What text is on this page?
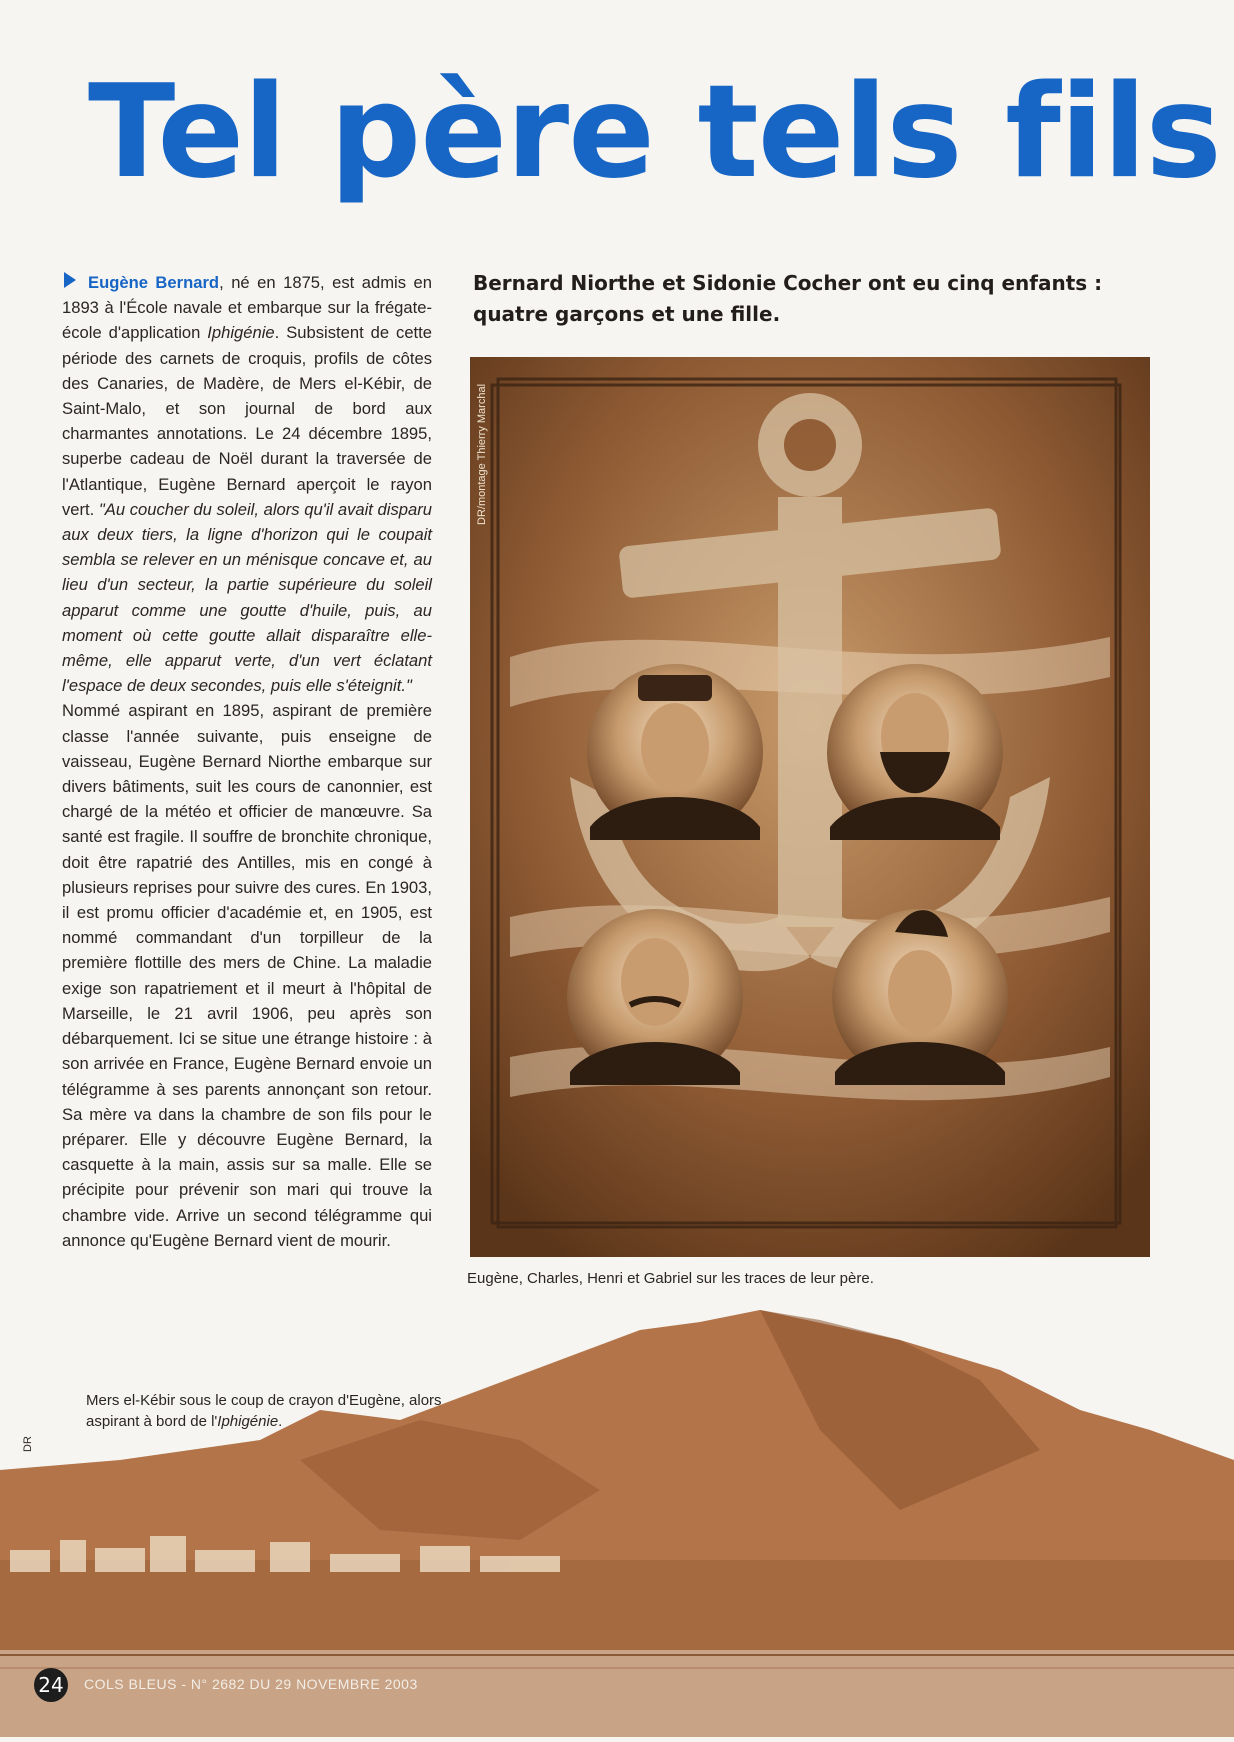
Tel père tels fils

Eugène Bernard, né en 1875, est admis en 1893 à l'École navale et embarque sur la frégate-école d'application Iphigénie. Subsistent de cette période des carnets de croquis, profils de côtes des Canaries, de Madère, de Mers el-Kébir, de Saint-Malo, et son journal de bord aux charmantes annotations. Le 24 décembre 1895, superbe cadeau de Noël durant la traversée de l'Atlantique, Eugène Bernard aperçoit le rayon vert. "Au coucher du soleil, alors qu'il avait disparu aux deux tiers, la ligne d'horizon qui le coupait sembla se relever en un ménisque concave et, au lieu d'un secteur, la partie supérieure du soleil apparut comme une goutte d'huile, puis, au moment où cette goutte allait disparaître elle-même, elle apparut verte, d'un vert éclatant l'espace de deux secondes, puis elle s'éteignit."

Nommé aspirant en 1895, aspirant de première classe l'année suivante, puis enseigne de vaisseau, Eugène Bernard Niorthe embarque sur divers bâtiments, suit les cours de canonnier, est chargé de la météo et officier de manœuvre. Sa santé est fragile. Il souffre de bronchite chronique, doit être rapatrié des Antilles, mis en congé à plusieurs reprises pour suivre des cures. En 1903, il est promu officier d'académie et, en 1905, est nommé commandant d'un torpilleur de la première flottille des mers de Chine. La maladie exige son rapatriement et il meurt à l'hôpital de Marseille, le 21 avril 1906, peu après son débarquement. Ici se situe une étrange histoire : à son arrivée en France, Eugène Bernard envoie un télégramme à ses parents annonçant son retour. Sa mère va dans la chambre de son fils pour le préparer. Elle y découvre Eugène Bernard, la casquette à la main, assis sur sa malle. Elle se précipite pour prévenir son mari qui trouve la chambre vide. Arrive un second télégramme qui annonce qu'Eugène Bernard vient de mourir.

Bernard Niorthe et Sidonie Cocher ont eu cinq enfants : quatre garçons et une fille.

DR/montage Thierry Marchal

Eugène, Charles, Henri et Gabriel sur les traces de leur père.

Mers el-Kébir sous le coup de crayon d'Eugène, alors aspirant à bord de l'Iphigénie.

DR
24	COLS BLEUS - N° 2682 DU 29 NOVEMBRE 2003
